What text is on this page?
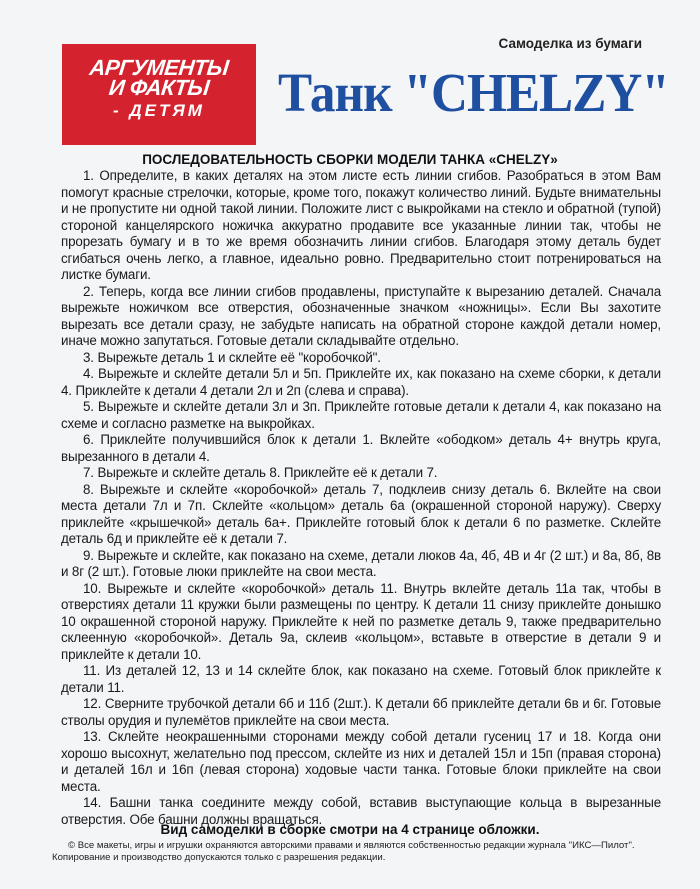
Самоделка из бумаги
АРГУМЕНТЫ
И ФАКТЫ
- ДЕТЯМ	Танк "CHELZY"
ПОСЛЕДОВАТЕЛЬНОСТЬ СБОРКИ МОДЕЛИ ТАНКА «CHELZY»

1. Определите, в каких деталях на этом листе есть линии сгибов. Разобраться в этом Вам помогут красные стрелочки, которые, кроме того, покажут количество линий. Будьте внимательны и не пропустите ни одной такой линии. Положите лист с выкройками на стекло и обратной (тупой) стороной канцелярского ножичка аккуратно продавите все указанные линии так, чтобы не прорезать бумагу и в то же время обозначить линии сгибов. Благодаря этому деталь будет сгибаться очень легко, а главное, идеально ровно. Предварительно стоит потренироваться на листке бумаги.

2. Теперь, когда все линии сгибов продавлены, приступайте к вырезанию деталей. Сначала вырежьте ножичком все отверстия, обозначенные значком «ножницы». Если Вы захотите вырезать все детали сразу, не забудьте написать на обратной стороне каждой детали номер, иначе можно запутаться. Готовые детали складывайте отдельно.

3. Вырежьте деталь 1 и склейте её "коробочкой".

4. Вырежьте и склейте детали 5л и 5п. Приклейте их, как показано на схеме сборки, к детали 4. Приклейте к детали 4 детали 2л и 2п (слева и справа).

5. Вырежьте и склейте детали 3л и 3п. Приклейте готовые детали к детали 4, как показано на схеме и согласно разметке на выкройках.

6. Приклейте получившийся блок к детали 1. Вклейте «ободком» деталь 4+ внутрь круга, вырезанного в детали 4.

7. Вырежьте и склейте деталь 8. Приклейте её к детали 7.

8. Вырежьте и склейте «коробочкой» деталь 7, подклеив снизу деталь 6. Вклейте на свои места детали 7л и 7п. Склейте «кольцом» деталь 6а (окрашенной стороной наружу). Сверху приклейте «крышечкой» деталь 6а+. Приклейте готовый блок к детали 6 по разметке. Склейте деталь 6д и приклейте её к детали 7.

9. Вырежьте и склейте, как показано на схеме, детали люков 4а, 4б, 4В и 4г (2 шт.) и 8а, 8б, 8в и 8г (2 шт.). Готовые люки приклейте на свои места.

10. Вырежьте и склейте «коробочкой» деталь 11. Внутрь вклейте деталь 11а так, чтобы в отверстиях детали 11 кружки были размещены по центру. К детали 11 снизу приклейте донышко 10 окрашенной стороной наружу. Приклейте к ней по разметке деталь 9, также предварительно склеенную «коробочкой». Деталь 9а, склеив «кольцом», вставьте в отверстие в детали 9 и приклейте к детали 10.

11. Из деталей 12, 13 и 14 склейте блок, как показано на схеме. Готовый блок приклейте к детали 11.

12. Сверните трубочкой детали 6б и 11б (2шт.). К детали 6б приклейте детали 6в и 6г. Готовые стволы орудия и пулемётов приклейте на свои места.

13. Склейте неокрашенными сторонами между собой детали гусениц 17 и 18. Когда они хорошо высохнут, желательно под прессом, склейте из них и деталей 15л и 15п (правая сторона) и деталей 16л и 16п (левая сторона) ходовые части танка. Готовые блоки приклейте на свои места.

14. Башни танка соедините между собой, вставив выступающие кольца в вырезанные отверстия. Обе башни должны вращаться.

Вид самоделки в сборке смотри на 4 странице обложки.

© Все макеты, игры и игрушки охраняются авторскими правами и являются собственностью редакции журнала "ИКС—Пилот".

Копирование и производство допускаются только с разрешения редакции.
